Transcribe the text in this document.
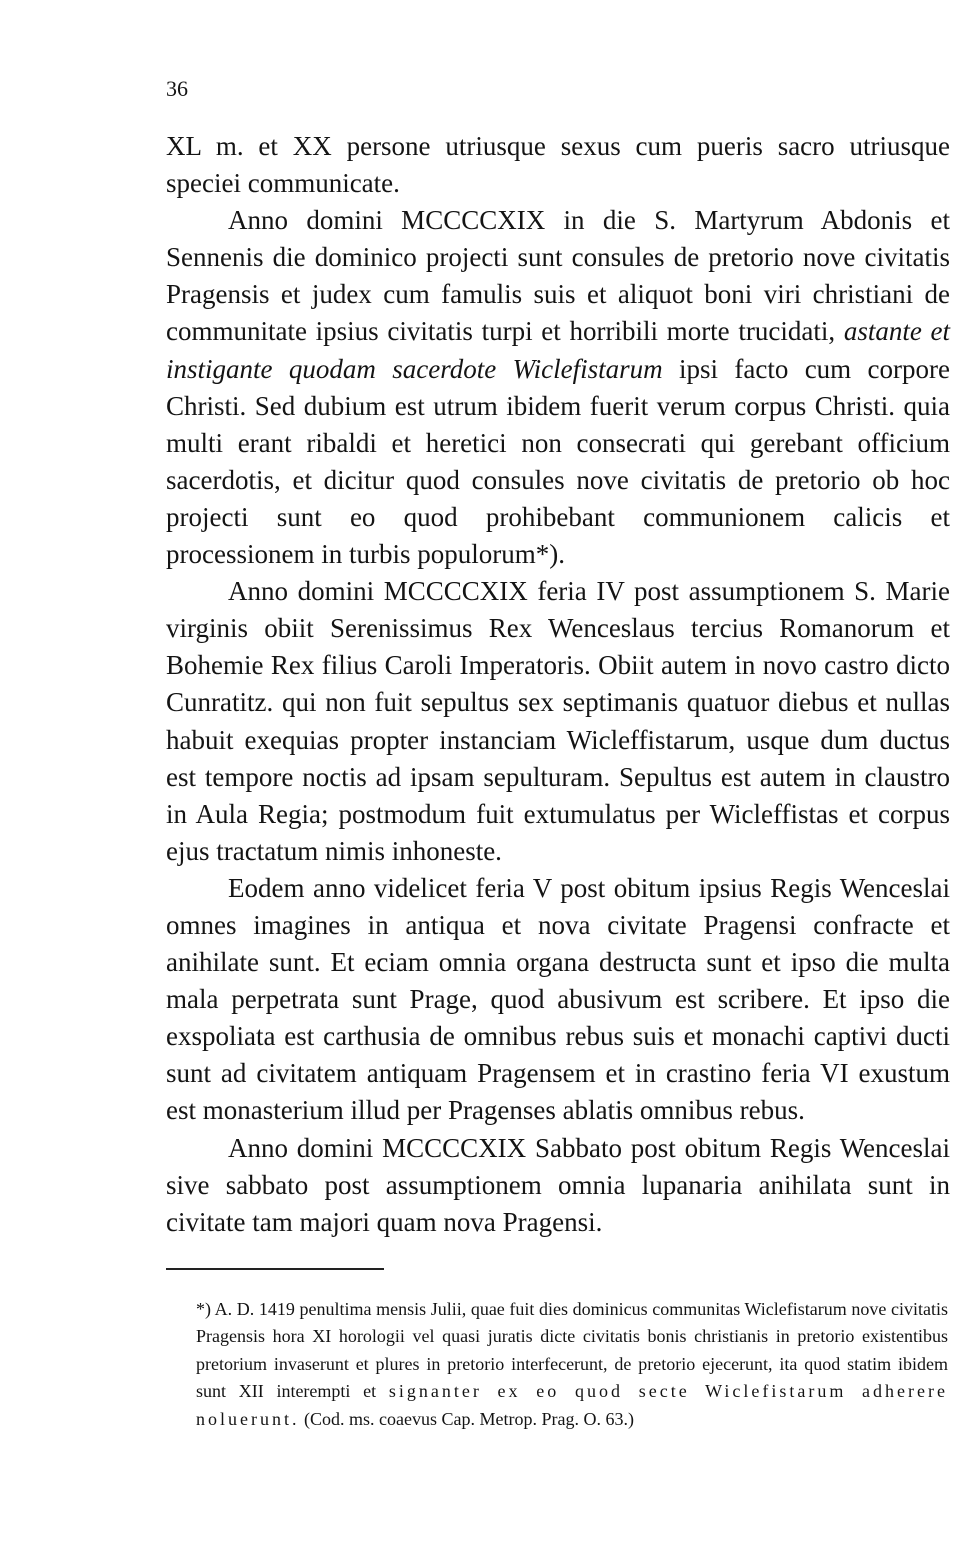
36

XL m. et XX persone utriusque sexus cum pueris sacro utriusque speciei communicate.

Anno domini MCCCCXIX in die S. Martyrum Abdonis et Sennenis die dominico projecti sunt consules de pretorio nove civitatis Pragensis et judex cum famulis suis et aliquot boni viri christiani de communitate ipsius civitatis turpi et horribili morte trucidati, astante et instigante quodam sacerdote Wiclefistarum ipsi facto cum corpore Christi. Sed dubium est utrum ibidem fuerit verum corpus Christi. quia multi erant ribaldi et heretici non consecrati qui gerebant officium sacerdotis, et dicitur quod consules nove civitatis de pretorio ob hoc projecti sunt eo quod prohibebant communionem calicis et processionem in turbis populorum*).

Anno domini MCCCCXIX feria IV post assumptionem S. Marie virginis obiit Serenissimus Rex Wenceslaus tercius Romanorum et Bohemie Rex filius Caroli Imperatoris. Obiit autem in novo castro dicto Cunratitz. qui non fuit sepultus sex septimanis quatuor diebus et nullas habuit exequias propter instanciam Wicleffistarum, usque dum ductus est tempore noctis ad ipsam sepulturam. Sepultus est autem in claustro in Aula Regia; postmodum fuit extumulatus per Wicleffistas et corpus ejus tractatum nimis inhoneste.

Eodem anno videlicet feria V post obitum ipsius Regis Wenceslai omnes imagines in antiqua et nova civitate Pragensi confracte et anihilate sunt. Et eciam omnia organa destructa sunt et ipso die multa mala perpetrata sunt Prage, quod abusivum est scribere. Et ipso die exspoliata est carthusia de omnibus rebus suis et monachi captivi ducti sunt ad civitatem antiquam Pragensem et in crastino feria VI exustum est monasterium illud per Pragenses ablatis omnibus rebus.

Anno domini MCCCCXIX Sabbato post obitum Regis Wenceslai sive sabbato post assumptionem omnia lupanaria anihilata sunt in civitate tam majori quam nova Pragensi.

*) A. D. 1419 penultima mensis Julii, quae fuit dies dominicus communitas Wiclefistarum nove civitatis Pragensis hora XI horologii vel quasi juratis dicte civitatis bonis christianis in pretorio existentibus pretorium invaserunt et plures in pretorio interfecerunt, de pretorio ejecerunt, ita quod statim ibidem sunt XII interempti et signanter ex eo quod secte Wiclefistarum adherere noluerunt. (Cod. ms. coaevus Cap. Metrop. Prag. O. 63.)
